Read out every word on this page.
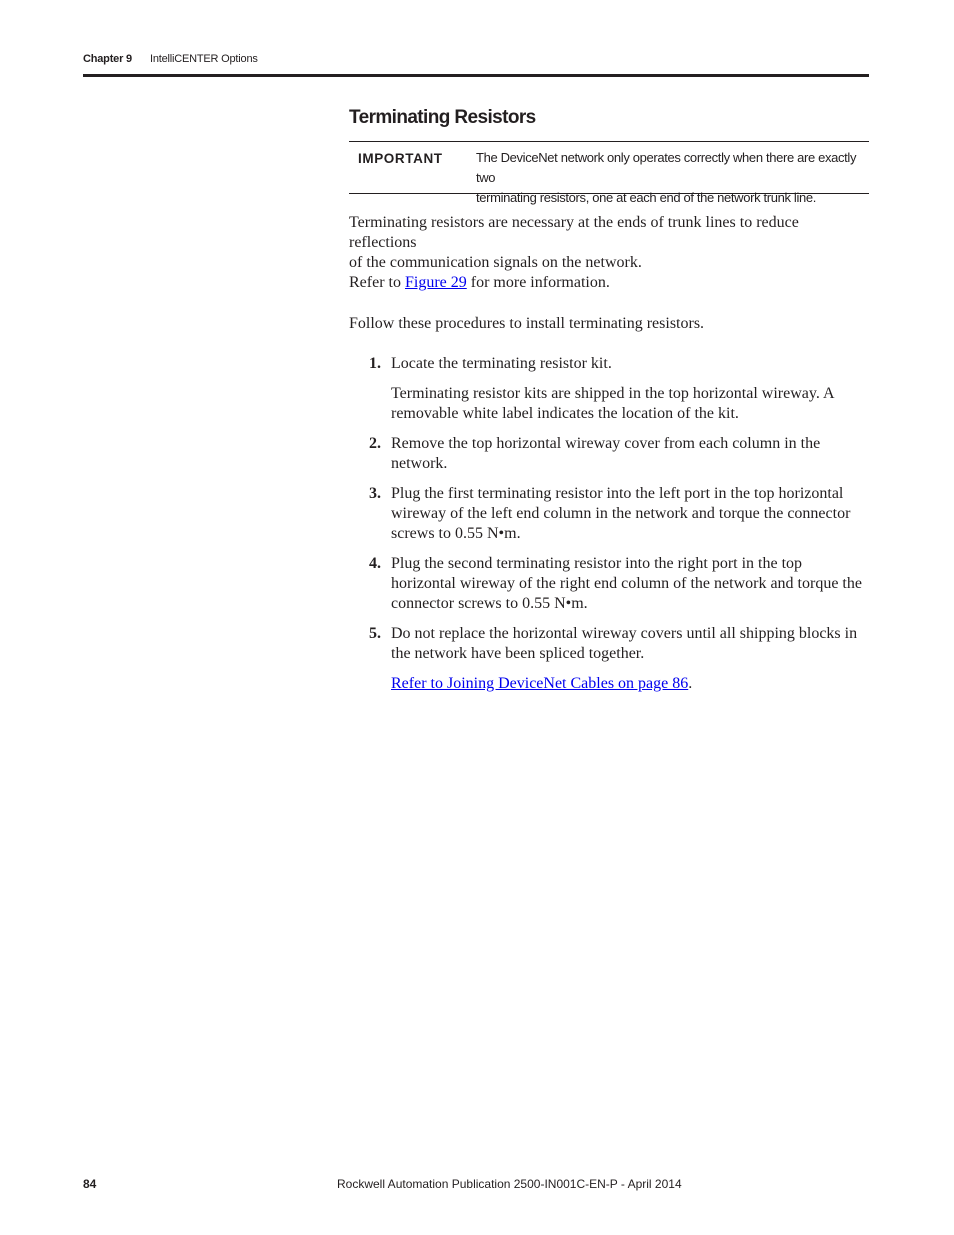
Chapter 9 IntelliCENTER Options
Terminating Resistors
IMPORTANT	The DeviceNet network only operates correctly when there are exactly two
terminating resistors, one at each end of the network trunk line.
Terminating resistors are necessary at the ends of trunk lines to reduce reflections
of the communication signals on the network.
Refer to Figure 29 for more information.
Follow these procedures to install terminating resistors.
1. Locate the terminating resistor kit.
Terminating resistor kits are shipped in the top horizontal wireway. A
removable white label indicates the location of the kit.
2. Remove the top horizontal wireway cover from each column in the
network.
3. Plug the first terminating resistor into the left port in the top horizontal
wireway of the left end column in the network and torque the connector
screws to 0.55 N•m.
4. Plug the second terminating resistor into the right port in the top
horizontal wireway of the right end column of the network and torque the
connector screws to 0.55 N•m.
5. Do not replace the horizontal wireway covers until all shipping blocks in
the network have been spliced together.
Refer to Joining DeviceNet Cables on page 86.
84	Rockwell Automation Publication 2500-IN001C-EN-P - April 2014
